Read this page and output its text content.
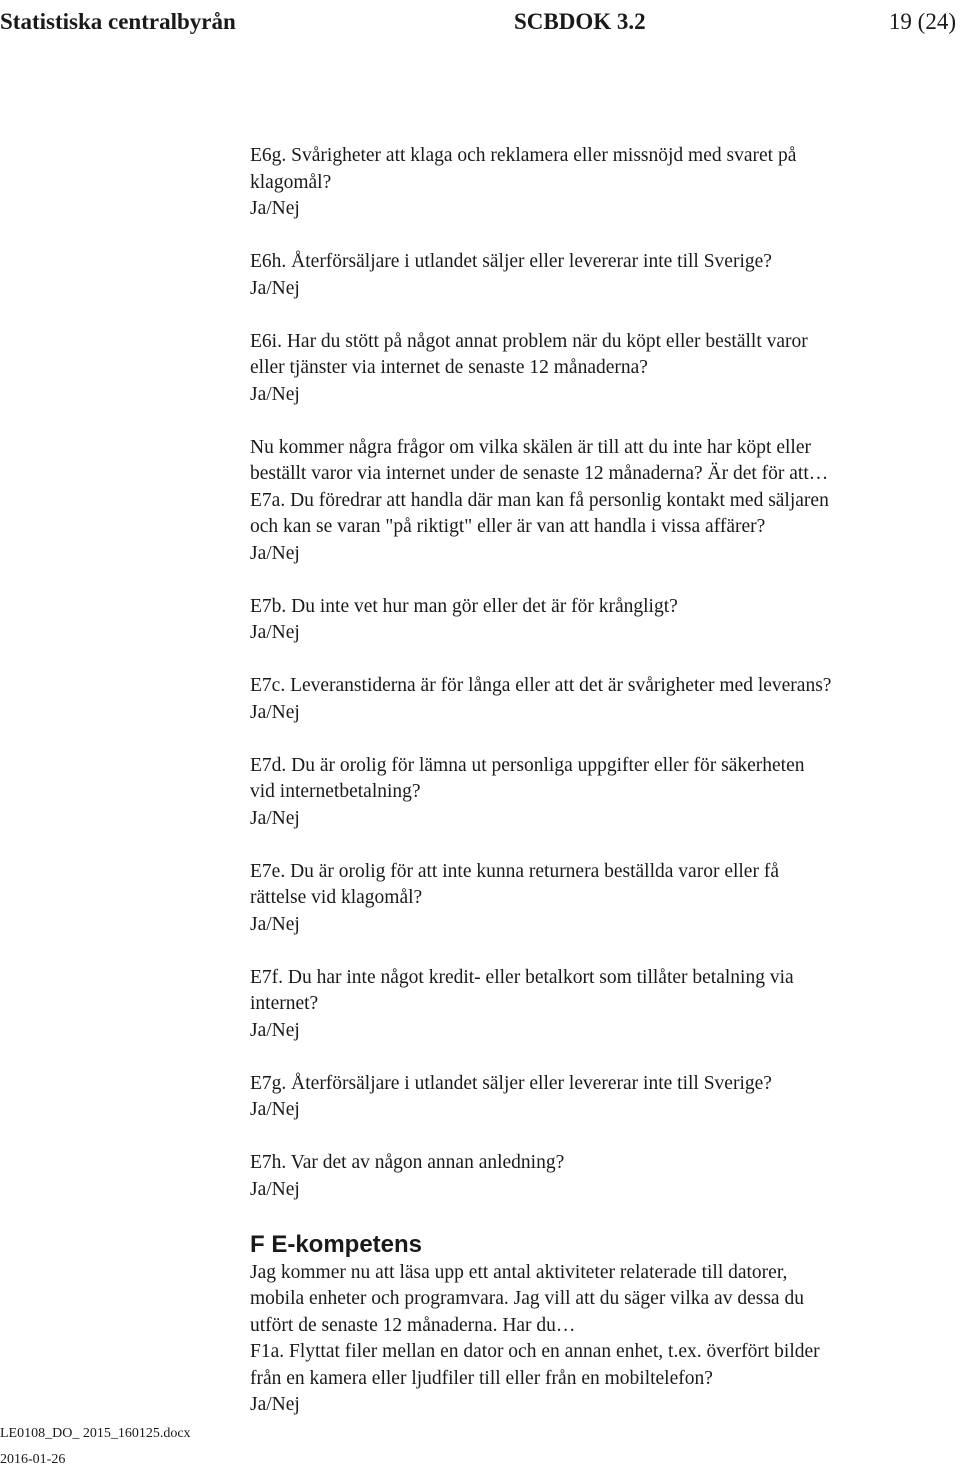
Statistiska centralbyrån	SCBDOK 3.2	19 (24)

E6g. Svårigheter att klaga och reklamera eller missnöjd med svaret på

klagomål?

Ja/Nej

E6h. Återförsäljare i utlandet säljer eller levererar inte till Sverige?

Ja/Nej

E6i. Har du stött på något annat problem när du köpt eller beställt varor

eller tjänster via internet de senaste 12 månaderna?

Ja/Nej

Nu kommer några frågor om vilka skälen är till att du inte har köpt eller

beställt varor via internet under de senaste 12 månaderna? Är det för att…

E7a. Du föredrar att handla där man kan få personlig kontakt med säljaren

och kan se varan "på riktigt" eller är van att handla i vissa affärer?

Ja/Nej

E7b. Du inte vet hur man gör eller det är för krångligt?

Ja/Nej

E7c. Leveranstiderna är för långa eller att det är svårigheter med leverans?

Ja/Nej

E7d. Du är orolig för lämna ut personliga uppgifter eller för säkerheten

vid internetbetalning?

Ja/Nej

E7e. Du är orolig för att inte kunna returnera beställda varor eller få

rättelse vid klagomål?

Ja/Nej

E7f. Du har inte något kredit- eller betalkort som tillåter betalning via

internet?

Ja/Nej

E7g. Återförsäljare i utlandet säljer eller levererar inte till Sverige?

Ja/Nej

E7h. Var det av någon annan anledning?

Ja/Nej

F E-kompetens

Jag kommer nu att läsa upp ett antal aktiviteter relaterade till datorer,

mobila enheter och programvara. Jag vill att du säger vilka av dessa du

utfört de senaste 12 månaderna. Har du…

F1a. Flyttat filer mellan en dator och en annan enhet, t.ex. överfört bilder

från en kamera eller ljudfiler till eller från en mobiltelefon?

Ja/Nej

LE0108_DO_ 2015_160125.docx

2016-01-26
